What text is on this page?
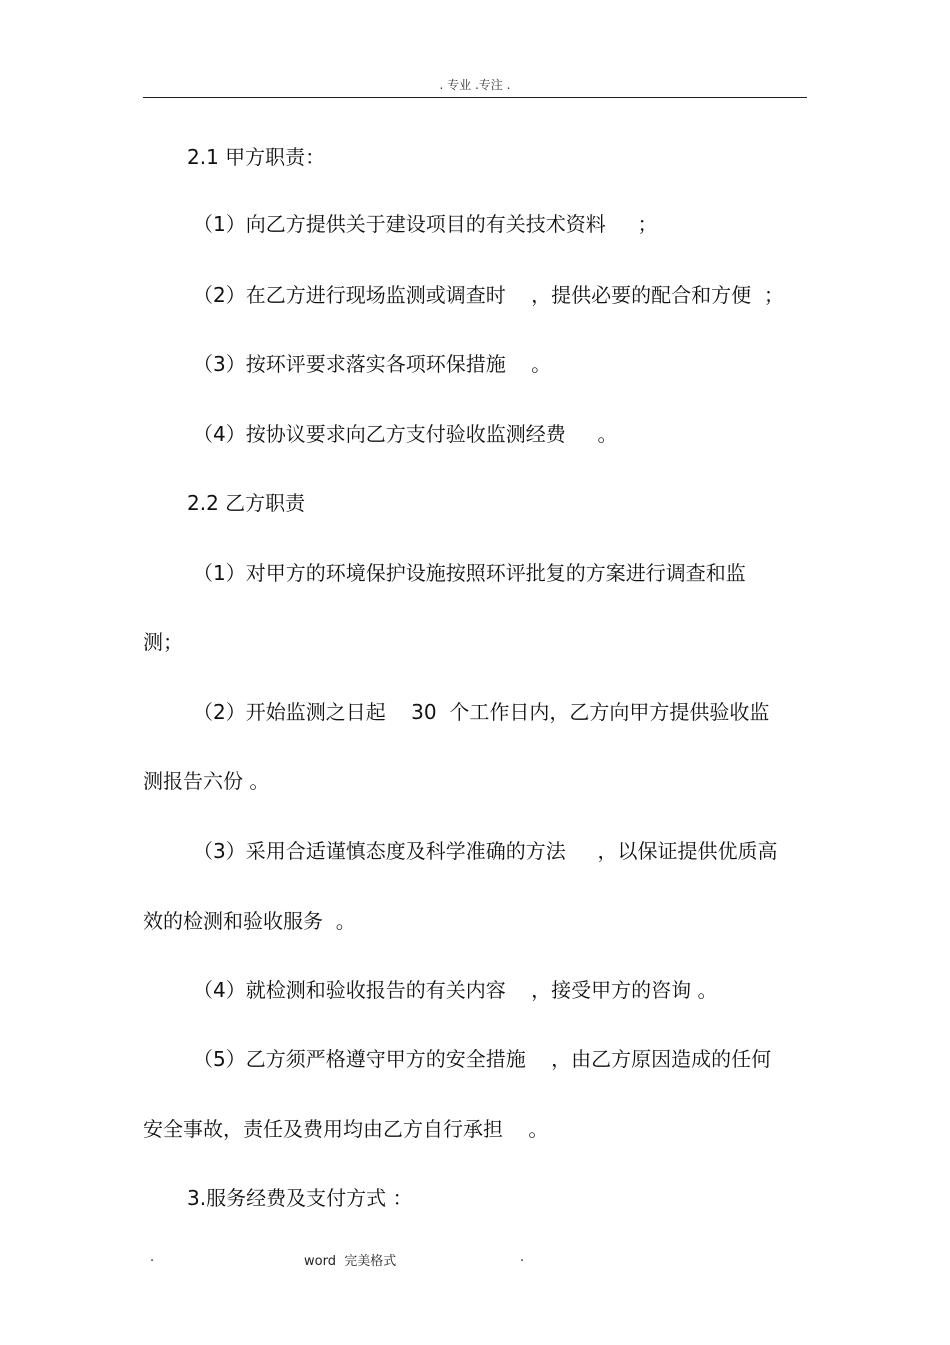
. 专业 .专注 .
2.1 甲方职责：
（1）向乙方提供关于建设项目的有关技术资料     ；
（2）在乙方进行现场监测或调查时    ，提供必要的配合和方便  ；
（3）按环评要求落实各项环保措施    。
（4）按协议要求向乙方支付验收监测经费     。
2.2 乙方职责
（1）对甲方的环境保护设施按照环评批复的方案进行调查和监
测；
（2）开始监测之日起    30  个工作日内，乙方向甲方提供验收监
测报告六份 。
（3）采用合适谨慎态度及科学准确的方法     ，以保证提供优质高
效的检测和验收服务  。
（4）就检测和验收报告的有关内容    ，接受甲方的咨询 。
（5）乙方须严格遵守甲方的安全措施    ，由乙方原因造成的任何
安全事故，责任及费用均由乙方自行承担    。
3.服务经费及支付方式 ：
.	word  完美格式	.
